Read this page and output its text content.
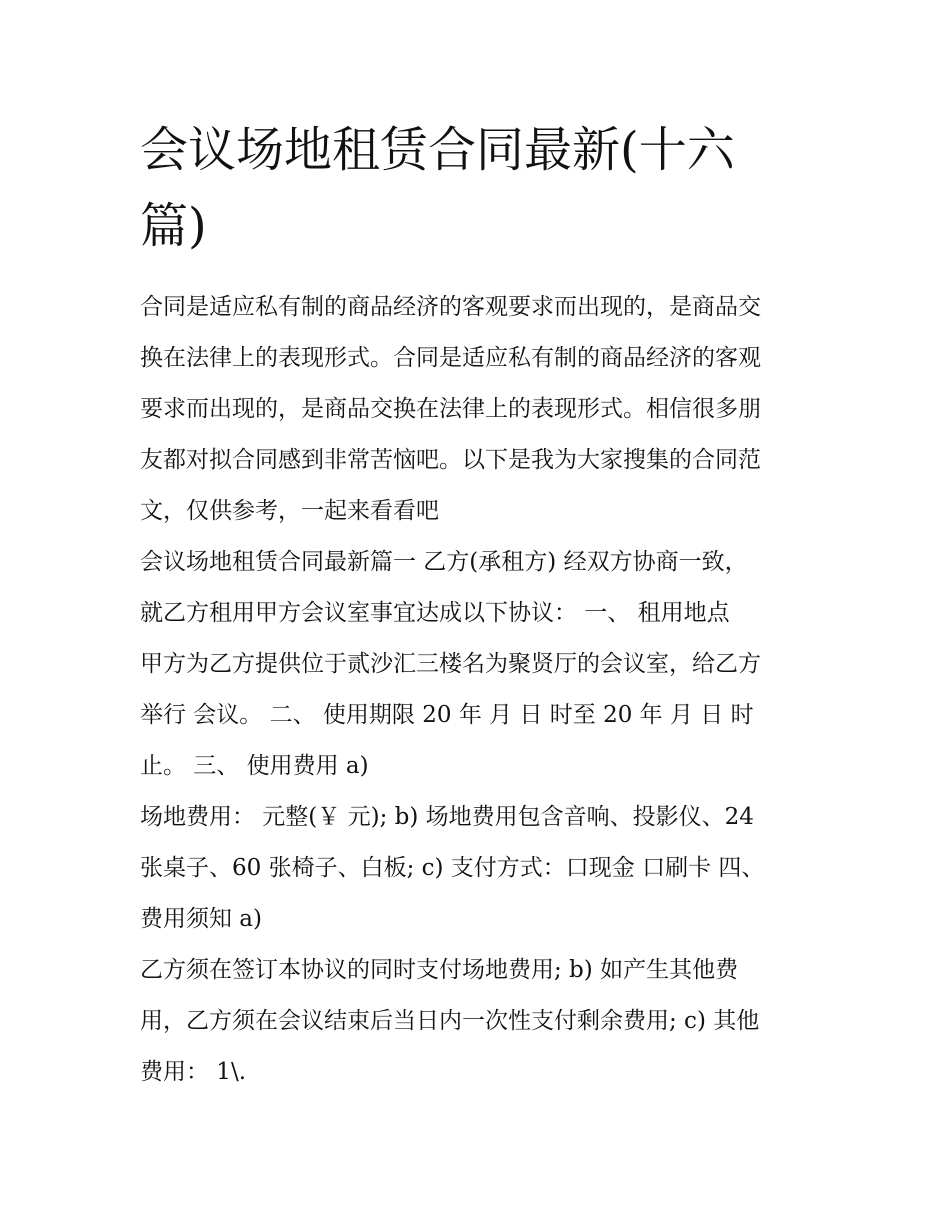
会议场地租赁合同最新(十六
篇)

合同是适应私有制的商品经济的客观要求而出现的，是商品交
换在法律上的表现形式。合同是适应私有制的商品经济的客观
要求而出现的，是商品交换在法律上的表现形式。相信很多朋
友都对拟合同感到非常苦恼吧。以下是我为大家搜集的合同范
文，仅供参考，一起来看看吧

会议场地租赁合同最新篇一 乙方(承租方) 经双方协商一致，
就乙方租用甲方会议室事宜达成以下协议： 一、 租用地点
甲方为乙方提供位于贰沙汇三楼名为聚贤厅的会议室，给乙方
举行 会议。 二、 使用期限 20 年 月 日 时至 20 年 月 日 时
止。 三、 使用费用 a)

场地费用： 元整(￥ 元); b) 场地费用包含音响、投影仪、24
张桌子、60 张椅子、白板; c) 支付方式：口现金 口刷卡 四、
费用须知 a)

乙方须在签订本协议的同时支付场地费用; b) 如产生其他费
用，乙方须在会议结束后当日内一次性支付剩余费用; c) 其他
费用： 1\.
